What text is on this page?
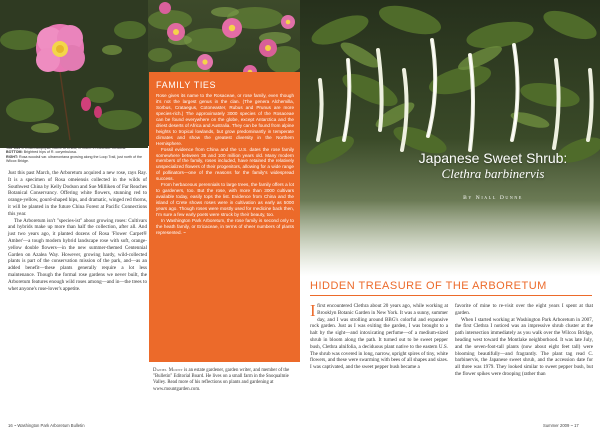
TOP LEFT: Rosa calophylla, native to China, in flower in Cascade Meadow.
BOTTOM: Brightred hips of R. corymbulosa.
RIGHT: Rosa woodsii var. ultramontana growing along the Loop Trail, just north of the Wilcox Bridge.

Just this past March, the Arboretum acquired a new rose, rays Ray. It is a specimen of Rosa omeiensis collected in the wilds of Southwest China by Kelly Dodson and Sue Milliken of Far Reaches Botanical Conservancy. Offering white flowers, stunning red to orange-yellow, gourd-shaped hips, and dramatic, winged red thorns, it will be planted in the future China Forest at Pacific Connections this year.

The Arboretum isn't "species-ist" about growing roses: Cultivars and hybrids make up more than half the collection, after all. And just two years ago, it planted dozens of Rosa 'Flower Carpet® Amber'—a tough modern hybrid landscape rose with soft, orange-yellow double flowers—in the new summer-themed Centennial Garden on Azalea Way. However, growing hardy, wild-collected plants is part of the conservation mission of the park, and—as an added benefit—these plants generally require a lot less maintenance. Though the formal rose gardens we never built, the Arboretum features enough wild roses among—and in—the trees to whet anyone's rose-lover's appetite.

FAMILY TIES

Rose gives its name to the Rosaceae, or rose family, even though it's not the largest genus in the clan. (The genera Alchemilla, Sorbus, Crataegus, Cotoneaster, Rubus and Prunus are more species-rich.) The approximately 3000 species of the Rosaceae can be found everywhere on the globe, except Antarctica and the driest deserts of Africa and Australia. They can be found from alpine heights to tropical lowlands, but grow predominantly in temperate climates and show the greatest diversity in the Northern Hemisphere.

Fossil evidence from China and the U.S. dates the rose family somewhere between 35 and 100 million years old. Many modern members of the family, roses included, have retained the relatively unspecialized flowers of their progenitors, allowing for a wide range of pollinators—one of the reasons for the family's widespread success.

From herbaceous perennials to large trees, the family offers a lot to gardeners, too. But the rose, with more than 3000 cultivars available today, easily tops the list. Evidence from China and the island of Crete shows roses were in cultivation as early as 5000 years ago. Though roses were mostly used for medicine back then, I'm sure a few early poets were struck by their beauty, too.

In Washington Park Arboretum, the rose family is second only to the heath family, or Ericaceae, in terms of sheer numbers of plants represented. ~

Daniel Mount is an estate gardener, garden writer, and member of the "Bulletin" Editorial Board. He lives on a small farm in the Snoqualmie Valley. Read more of his reflections on plants and gardening at www.mountgarden.com.
16 ~ Washington Park Arboretum Bulletin
Japanese Sweet Shrub:
Clethra barbinervis
By Niall Dunne
HIDDEN TREASURE OF THE ARBORETUM

Ifirst encountered Clethra about 20 years ago, while working at Brooklyn Botanic Garden in New York. It was a sunny, summer day, and I was strolling around BBG's colorful and expansive rock garden. Just as I was exiting the garden, I was brought to a halt by the sight—and intoxicating perfume—of a medium-sized shrub in bloom along the path. It turned out to be sweet pepper bush, Clethra alnifolia, a deciduous plant native to the eastern U.S. The shrub was covered in long, narrow, upright spires of tiny, white flowers, and these were swarming with bees of all shapes and sizes. I was captivated, and the sweet pepper bush became a

favorite of mine to re-visit over the eight years I spent at that garden.

When I started working at Washington Park Arboretum in 2007, the first Clethra I noticed was an impressive shrub cluster at the path intersection immediately as you walk over the Wilcox Bridge, heading west toward the Montlake neighborhood. It was late July, and the seven-foot-tall plants (now about eight feet tall) were blooming beautifully—and fragrantly. The plant tag read C. barbinervis, the Japanese sweet shrub, and the accession date for all three was 1979. They looked similar to sweet pepper bush, but the flower spikes were drooping (rather than

Summer 2009 ~ 17
